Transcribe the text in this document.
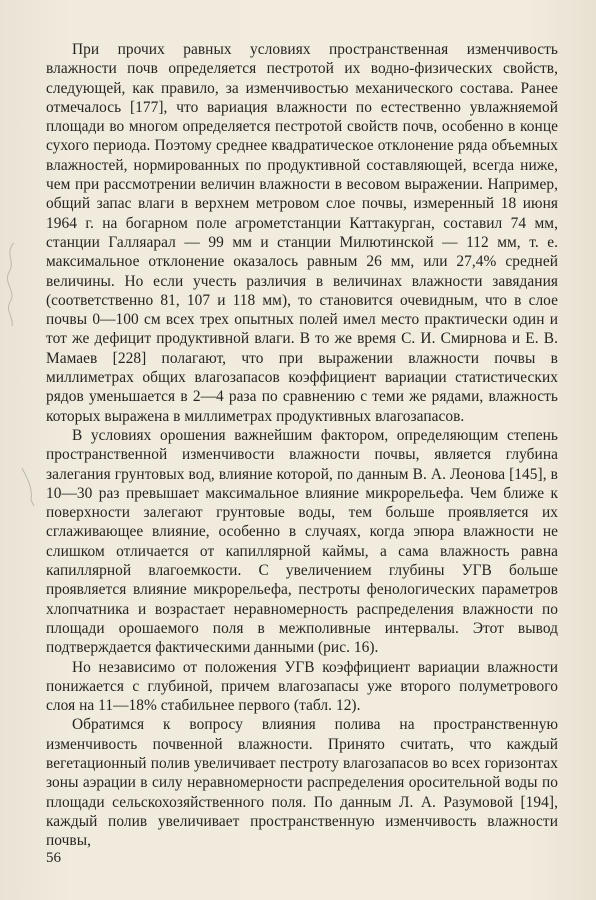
При прочих равных условиях пространственная изменчивость влажности почв определяется пестротой их водно-физических свойств, следующей, как правило, за изменчивостью механического состава. Ранее отмечалось [177], что вариация влажности по естественно увлажняемой площади во многом определяется пестротой свойств почв, особенно в конце сухого периода. Поэтому среднее квадратическое отклонение ряда объемных влажностей, нормированных по продуктивной составляющей, всегда ниже, чем при рассмотрении величин влажности в весовом выражении. Например, общий запас влаги в верхнем метровом слое почвы, измеренный 18 июня 1964 г. на богарном поле агрометстанции Каттакурган, составил 74 мм, станции Галляарал — 99 мм и станции Милютинской — 112 мм, т. е. максимальное отклонение оказалось равным 26 мм, или 27,4% средней величины. Но если учесть различия в величинах влажности завядания (соответственно 81, 107 и 118 мм), то становится очевидным, что в слое почвы 0—100 см всех трех опытных полей имел место практически один и тот же дефицит продуктивной влаги. В то же время С. И. Смирнова и Е. В. Мамаев [228] полагают, что при выражении влажности почвы в миллиметрах общих влагозапасов коэффициент вариации статистических рядов уменьшается в 2—4 раза по сравнению с теми же рядами, влажность которых выражена в миллиметрах продуктивных влагозапасов.

В условиях орошения важнейшим фактором, определяющим степень пространственной изменчивости влажности почвы, является глубина залегания грунтовых вод, влияние которой, по данным В. А. Леонова [145], в 10—30 раз превышает максимальное влияние микрорельефа. Чем ближе к поверхности залегают грунтовые воды, тем больше проявляется их сглаживающее влияние, особенно в случаях, когда эпюра влажности не слишком отличается от капиллярной каймы, а сама влажность равна капиллярной влагоемкости. С увеличением глубины УГВ больше проявляется влияние микрорельефа, пестроты фенологических параметров хлопчатника и возрастает неравномерность распределения влажности по площади орошаемого поля в межполивные интервалы. Этот вывод подтверждается фактическими данными (рис. 16).

Но независимо от положения УГВ коэффициент вариации влажности понижается с глубиной, причем влагозапасы уже второго полуметрового слоя на 11—18% стабильнее первого (табл. 12).

Обратимся к вопросу влияния полива на пространственную изменчивость почвенной влажности. Принято считать, что каждый вегетационный полив увеличивает пестроту влагозапасов во всех горизонтах зоны аэрации в силу неравномерности распределения оросительной воды по площади сельскохозяйственного поля. По данным Л. А. Разумовой [194], каждый полив увеличивает пространственную изменчивость влажности почвы,

56
